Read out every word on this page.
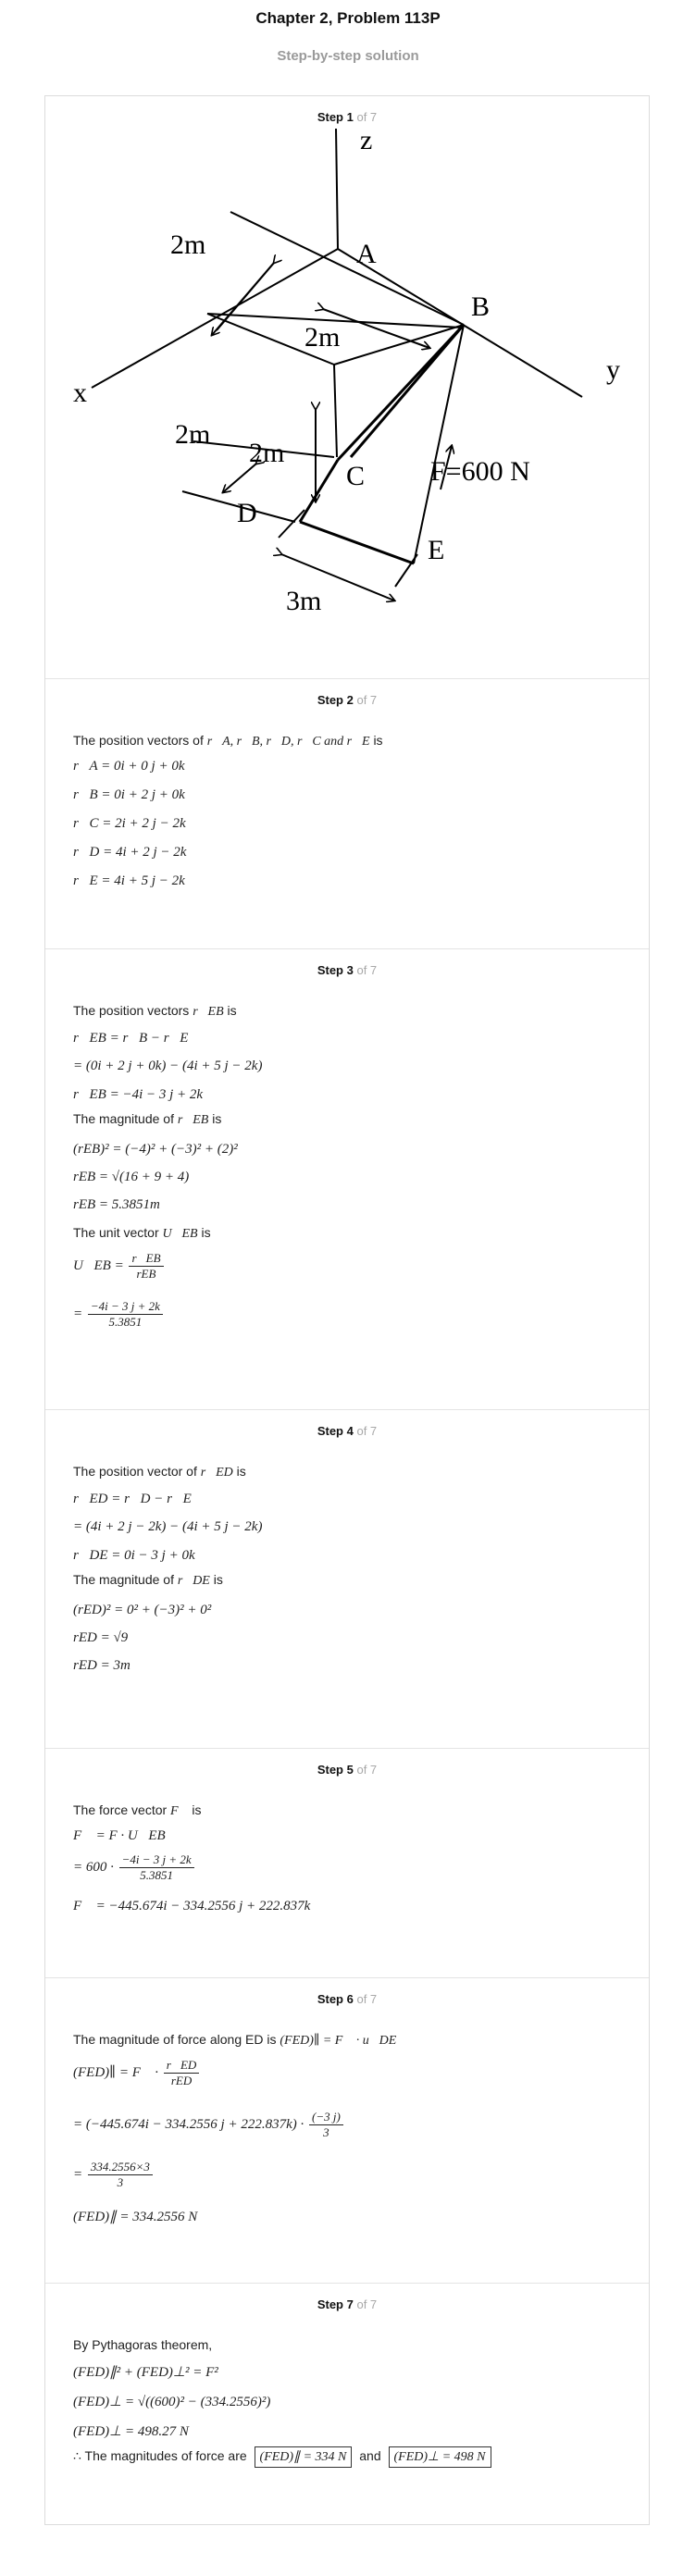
Chapter 2, Problem 113P
Step-by-step solution
Step 1 of 7
z
x
y
A
B
C
D
E
F=600 N
2m
2m
2m
2m
3m
Step 2 of 7
The position vectors of r⃗A, r⃗B, r⃗D, r⃗C and r⃗E is
r⃗A = 0i + 0 j + 0k
r⃗B = 0i + 2 j + 0k
r⃗C = 2i + 2 j − 2k
r⃗D = 4i + 2 j − 2k
r⃗E = 4i + 5 j − 2k
Step 3 of 7
The position vectors r⃗EB is
r⃗EB = r⃗B − r⃗E
= (0i + 2 j + 0k) − (4i + 5 j − 2k)
r⃗EB = −4i − 3 j + 2k
The magnitude of r⃗EB is
(rEB)² = (−4)² + (−3)² + (2)²
rEB = √(16 + 9 + 4)
rEB = 5.3851m
The unit vector U⃗EB is
U⃗EB = $\frac{r⃗EB}{\text{rEB}}$
= $\frac{-4i - 3 j + 2k}{5.3851}$
Step 4 of 7
The position vector of r⃗ED is
r⃗ED = r⃗D − r⃗E
= (4i + 2 j − 2k) − (4i + 5 j − 2k)
r⃗DE = 0i − 3 j + 0k
The magnitude of r⃗DE is
(rED)² = 0² + (−3)² + 0²
rED = √9
rED = 3m
Step 5 of 7
The force vector F⃗ is
F⃗ = F · U⃗EB
= $600 \cdot \frac{-4i - 3 j + 2k}{5.3851}$
F⃗ = −445.674i − 334.2556 j + 222.837k
Step 6 of 7
The magnitude of force along ED is (FED)∥ = F⃗ · u⃗DE
(FED)∥ = F⃗ · $\frac{r⃗ED}{\text{rED}}$
= (−445.674i − 334.2556 $j + 222.837k) \cdot \frac{(-3 j)}{3}$
= $\frac{334.2556\times 3}{3}$
(FED)∥ = 334.2556 N
Step 7 of 7
By Pythagoras theorem,
(FED)∥² + (FED)⊥² = F²
(FED)⊥ = √((600)² − (334.2556)²)
(FED)⊥ = 498.27 N
∴ The magnitudes of force are (FED)∥ = 334 N and (FED)⊥ = 498 N
